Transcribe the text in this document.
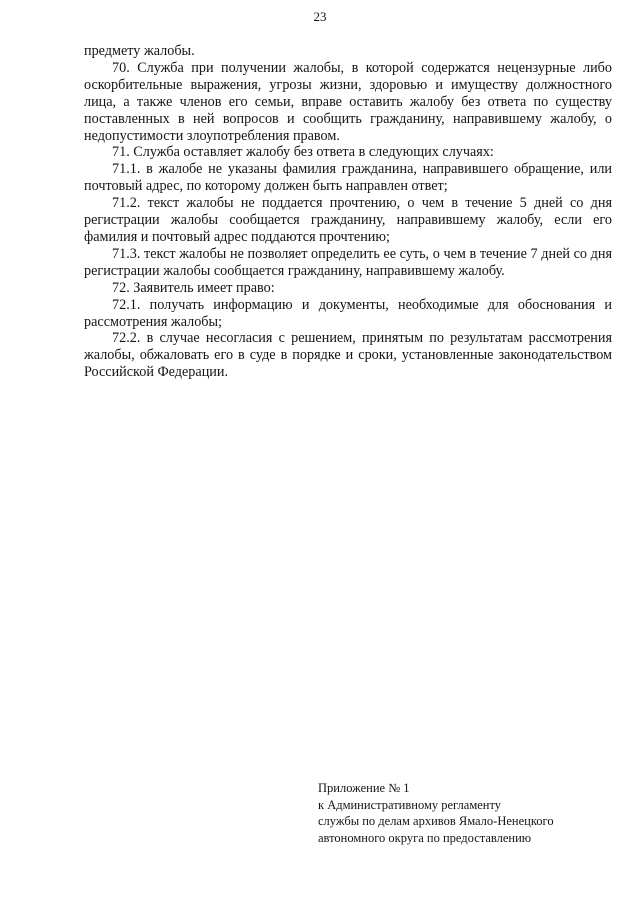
23

предмету жалобы.

70. Служба при получении жалобы, в которой содержатся нецензурные либо оскорбительные выражения, угрозы жизни, здоровью и имуществу должностного лица, а также членов его семьи, вправе оставить жалобу без ответа по существу поставленных в ней вопросов и сообщить гражданину, направившему жалобу, о недопустимости злоупотребления правом.

71. Служба оставляет жалобу без ответа в следующих случаях:

71.1. в жалобе не указаны фамилия гражданина, направившего обращение, или почтовый адрес, по которому должен быть направлен ответ;

71.2. текст жалобы не поддается прочтению, о чем в течение 5 дней со дня регистрации жалобы сообщается гражданину, направившему жалобу, если его фамилия и почтовый адрес поддаются прочтению;

71.3. текст жалобы не позволяет определить ее суть, о чем в течение 7 дней со дня регистрации жалобы сообщается гражданину, направившему жалобу.

72. Заявитель имеет право:

72.1. получать информацию и документы, необходимые для обоснования и рассмотрения жалобы;

72.2. в случае несогласия с решением, принятым по результатам рассмотрения жалобы, обжаловать его в суде в порядке и сроки, установленные законодательством Российской Федерации.

Приложение № 1
к Административному регламенту
службы по делам архивов Ямало-Ненецкого
автономного округа по предоставлению
